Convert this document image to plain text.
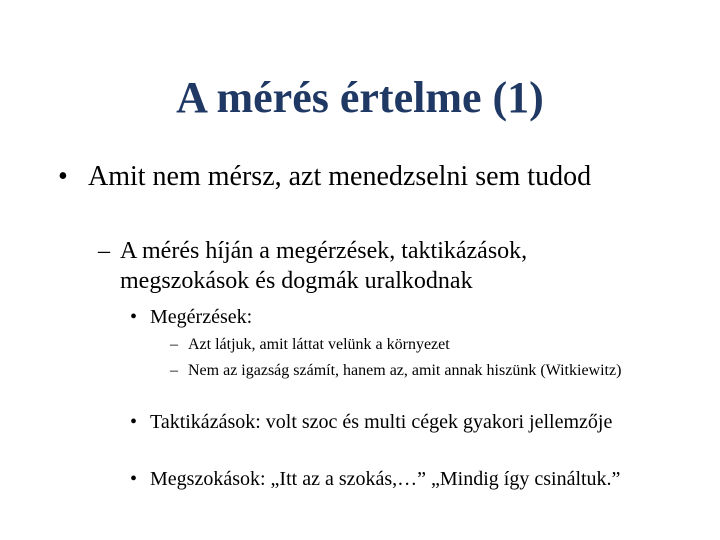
A mérés értelme (1)
• Amit nem mérsz, azt menedzselni sem tudod
– A mérés híján a megérzések, taktikázások, megszokások és dogmák uralkodnak
• Megérzések:
– Azt látjuk, amit láttat velünk a környezet
– Nem az igazság számít, hanem az, amit annak hiszünk (Witkiewitz)
• Taktikázások: volt szoc és multi cégek gyakori jellemzője
• Megszokások: „Itt az a szokás,…” „Mindig így csináltuk.”
